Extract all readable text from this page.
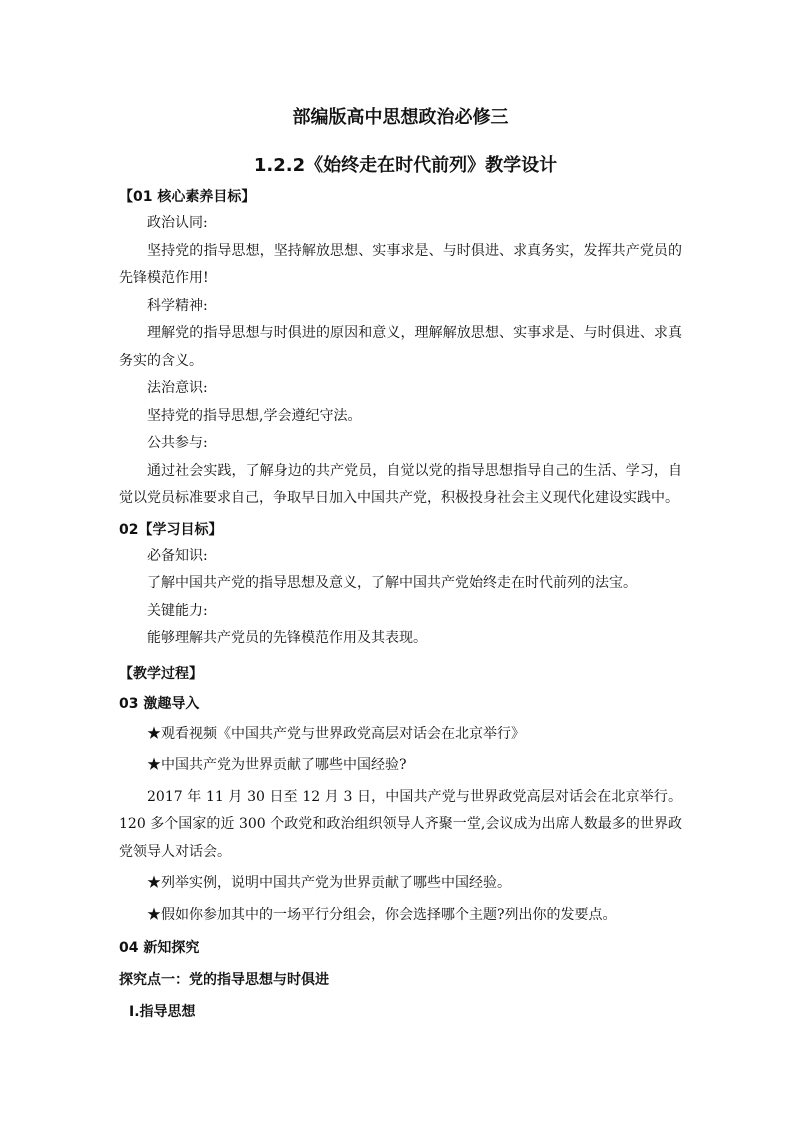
部编版高中思想政治必修三
1.2.2《始终走在时代前列》教学设计

【01 核心素养目标】

政治认同:

坚持党的指导思想，坚持解放思想、实事求是、与时俱进、求真务实，发挥共产党员的先锋模范作用!

科学精神:

理解党的指导思想与时俱进的原因和意义，理解解放思想、实事求是、与时俱进、求真务实的含义。

法治意识:

坚持党的指导思想,学会遵纪守法。

公共参与:

通过社会实践，了解身边的共产党员，自觉以党的指导思想指导自己的生活、学习，自觉以党员标准要求自己，争取早日加入中国共产党，积极投身社会主义现代化建设实践中。

02【学习目标】

必备知识:

了解中国共产党的指导思想及意义，了解中国共产党始终走在时代前列的法宝。

关键能力:

能够理解共产党员的先锋模范作用及其表现。

【教学过程】

03 激趣导入

★观看视频《中国共产党与世界政党高层对话会在北京举行》

★中国共产党为世界贡献了哪些中国经验?

2017 年 11 月 30 日至 12 月 3 日，中国共产党与世界政党高层对话会在北京举行。120 多个国家的近 300 个政党和政治组织领导人齐聚一堂,会议成为出席人数最多的世界政党领导人对话会。

★列举实例，说明中国共产党为世界贡献了哪些中国经验。

★假如你参加其中的一场平行分组会，你会选择哪个主题?列出你的发要点。

04 新知探究

探究点一：党的指导思想与时俱进

Ⅰ.指导思想
